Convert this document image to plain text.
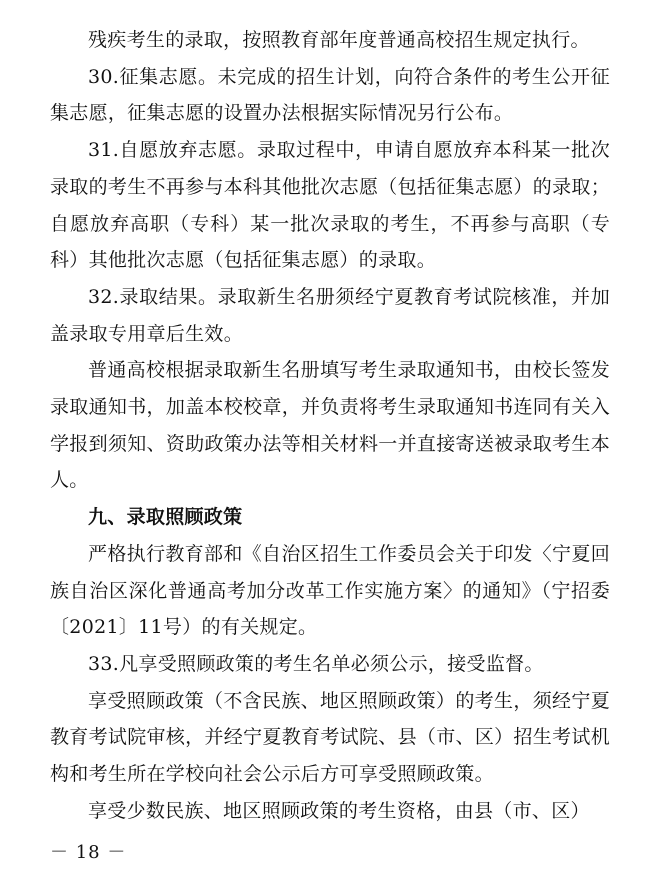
残疾考生的录取，按照教育部年度普通高校招生规定执行。

30.征集志愿。未完成的招生计划，向符合条件的考生公开征集志愿，征集志愿的设置办法根据实际情况另行公布。

31.自愿放弃志愿。录取过程中，申请自愿放弃本科某一批次录取的考生不再参与本科其他批次志愿（包括征集志愿）的录取；自愿放弃高职（专科）某一批次录取的考生，不再参与高职（专科）其他批次志愿（包括征集志愿）的录取。

32.录取结果。录取新生名册须经宁夏教育考试院核准，并加盖录取专用章后生效。

普通高校根据录取新生名册填写考生录取通知书，由校长签发录取通知书，加盖本校校章，并负责将考生录取通知书连同有关入学报到须知、资助政策办法等相关材料一并直接寄送被录取考生本人。

九、录取照顾政策

严格执行教育部和《自治区招生工作委员会关于印发〈宁夏回族自治区深化普通高考加分改革工作实施方案〉的通知》（宁招委〔2021〕11号）的有关规定。

33.凡享受照顾政策的考生名单必须公示，接受监督。

享受照顾政策（不含民族、地区照顾政策）的考生，须经宁夏教育考试院审核，并经宁夏教育考试院、县（市、区）招生考试机构和考生所在学校向社会公示后方可享受照顾政策。

享受少数民族、地区照顾政策的考生资格，由县（市、区）

－ 18 －
